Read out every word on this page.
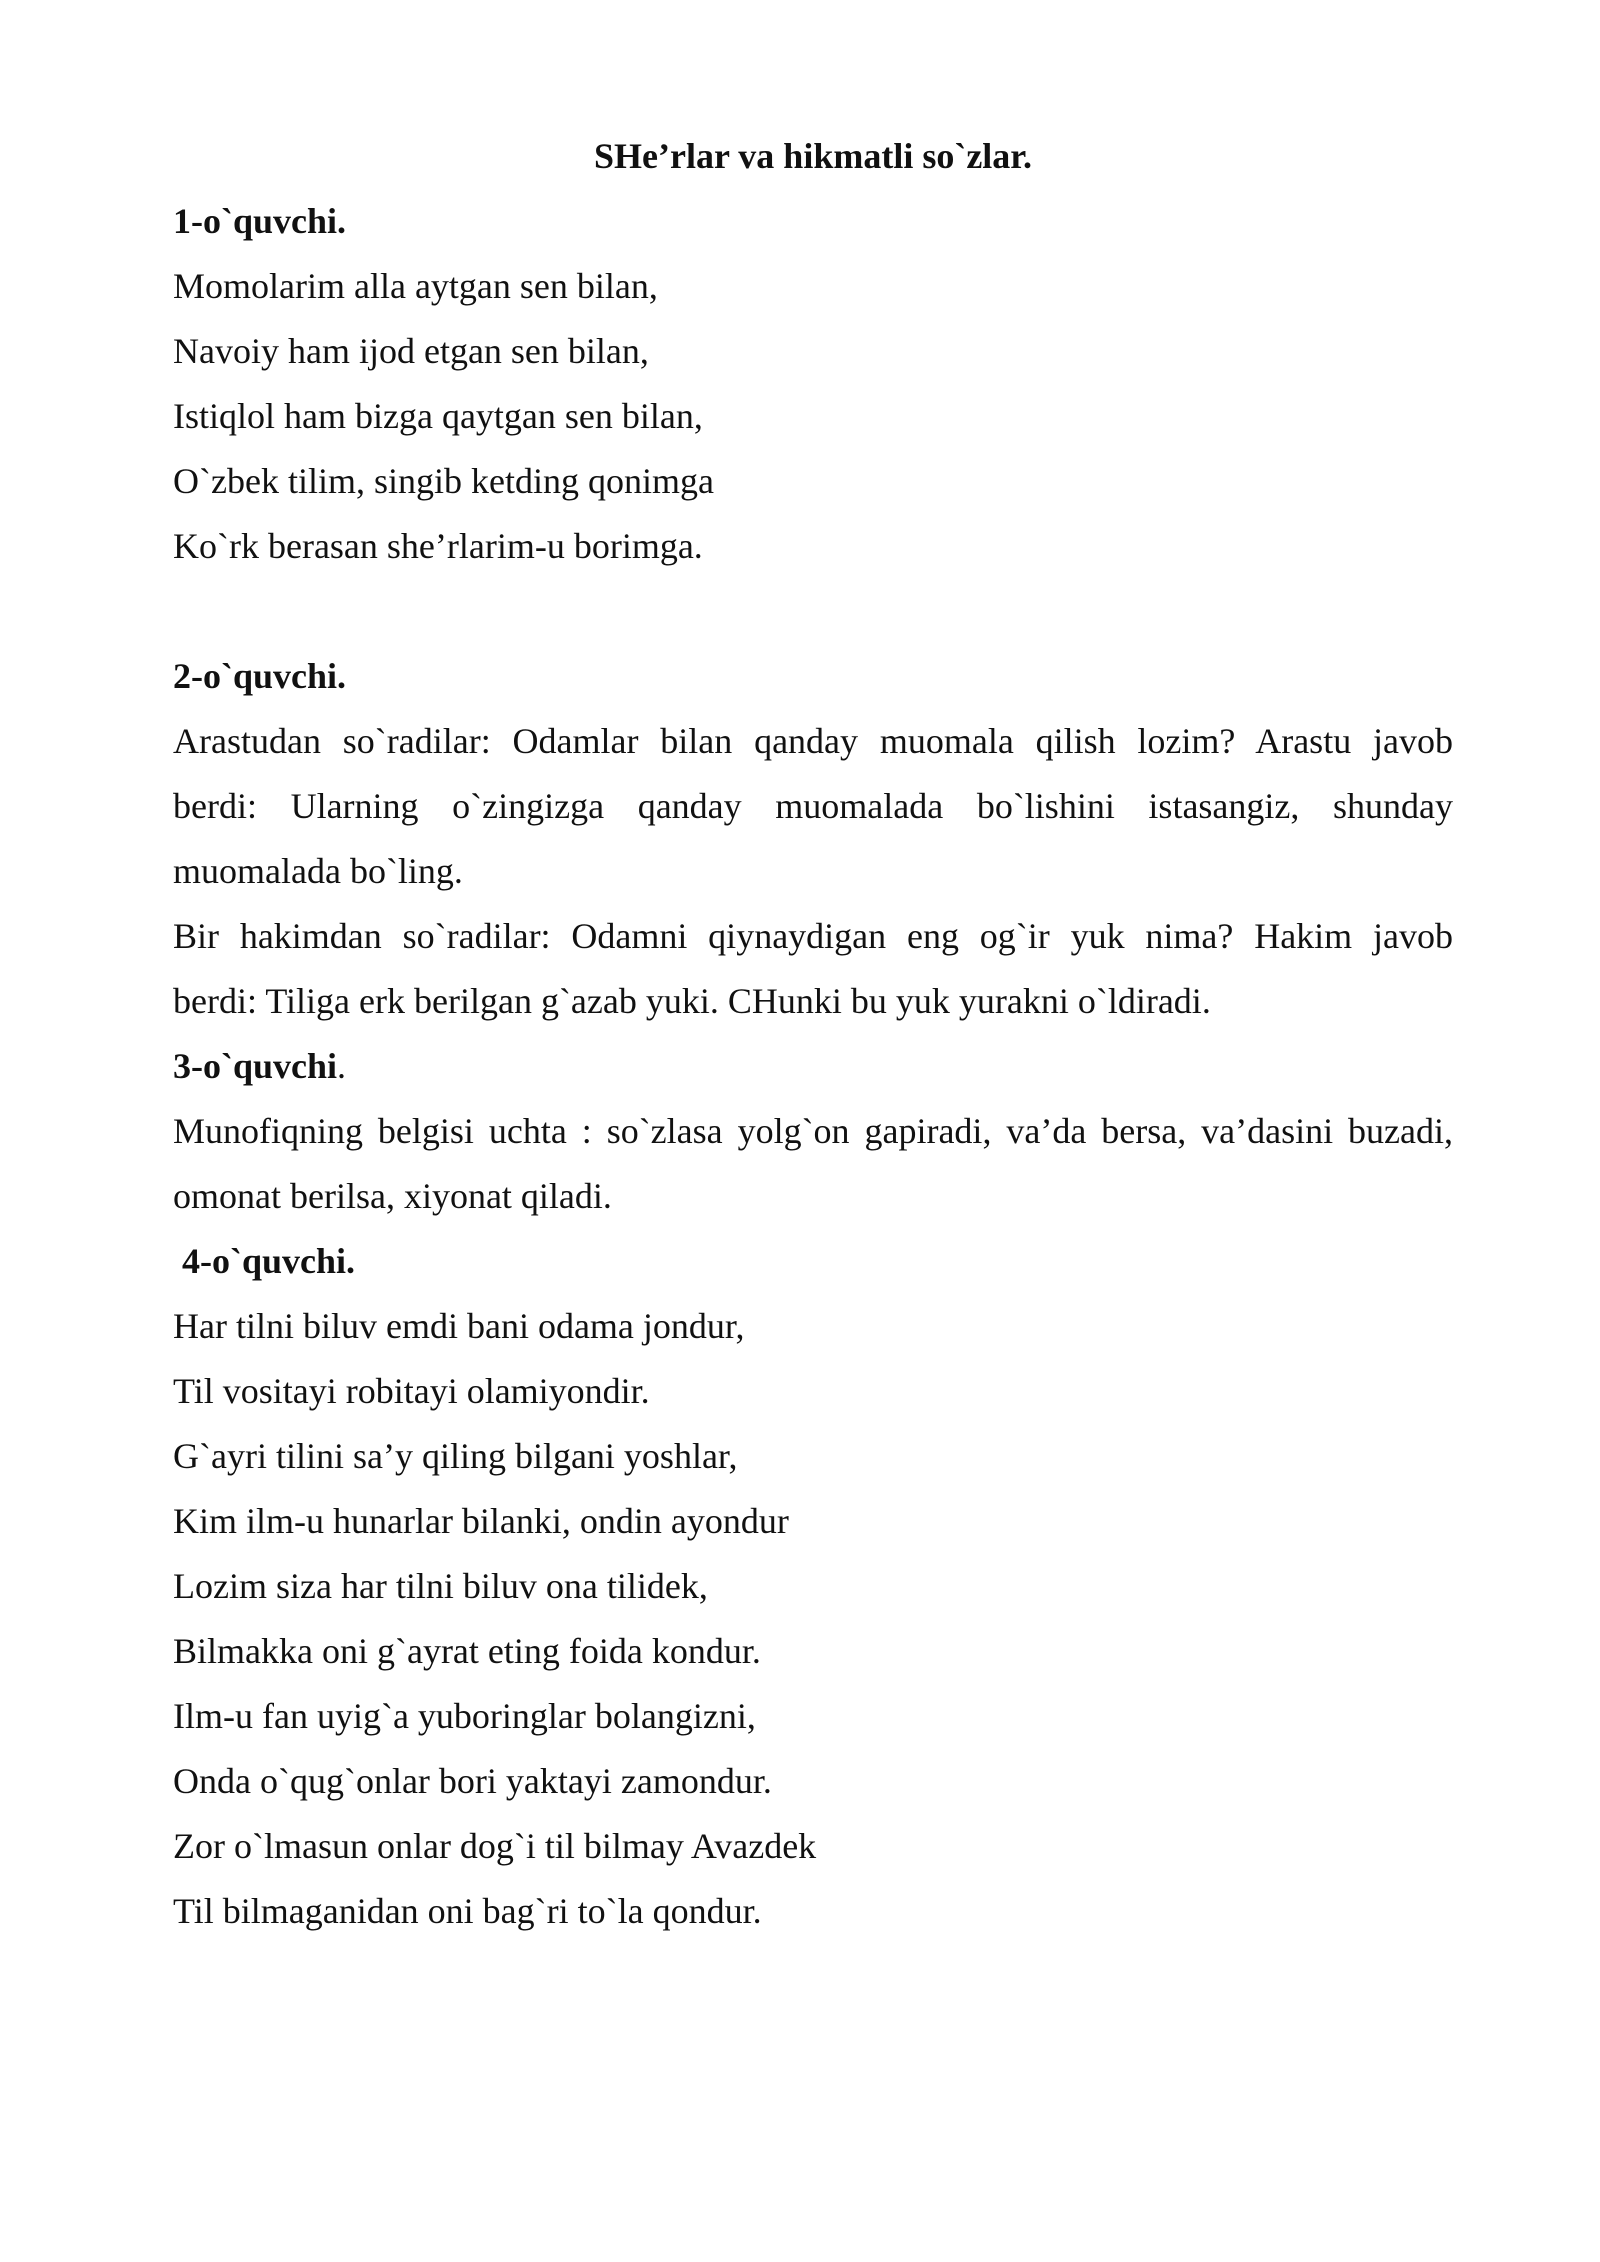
SHe’rlar va hikmatli so`zlar.
1-o`quvchi.
Momolarim alla aytgan sen bilan,
Navoiy ham ijod etgan sen bilan,
Istiqlol ham bizga qaytgan sen bilan,
O`zbek tilim, singib ketding qonimga
Ko`rk berasan she’rlarim-u borimga.
2-o`quvchi.
Arastudan so`radilar: Odamlar bilan qanday muomala qilish lozim? Arastu javob
berdi: Ularning o`zingizga qanday muomalada bo`lishini istasangiz, shunday
muomalada bo`ling.
Bir hakimdan so`radilar: Odamni qiynaydigan eng og`ir yuk nima? Hakim javob
berdi: Tiliga erk berilgan g`azab yuki. CHunki bu yuk yurakni o`ldiradi.
3-o`quvchi.
Munofiqning belgisi uchta : so`zlasa yolg`on gapiradi, va’da bersa, va’dasini buzadi,
omonat berilsa, xiyonat qiladi.
4-o`quvchi.
Har tilni biluv emdi bani odama jondur,
Til vositayi robitayi olamiyondir.
G`ayri tilini sa’y qiling bilgani yoshlar,
Kim ilm-u hunarlar bilanki, ondin ayondur
Lozim siza har tilni biluv ona tilidek,
Bilmakka oni g`ayrat eting foida kondur.
Ilm-u fan uyig`a yuboringlar bolangizni,
Onda o`qug`onlar bori yaktayi zamondur.
Zor o`lmasun onlar dog`i til bilmay Avazdek
Til bilmaganidan oni bag`ri to`la qondur.
